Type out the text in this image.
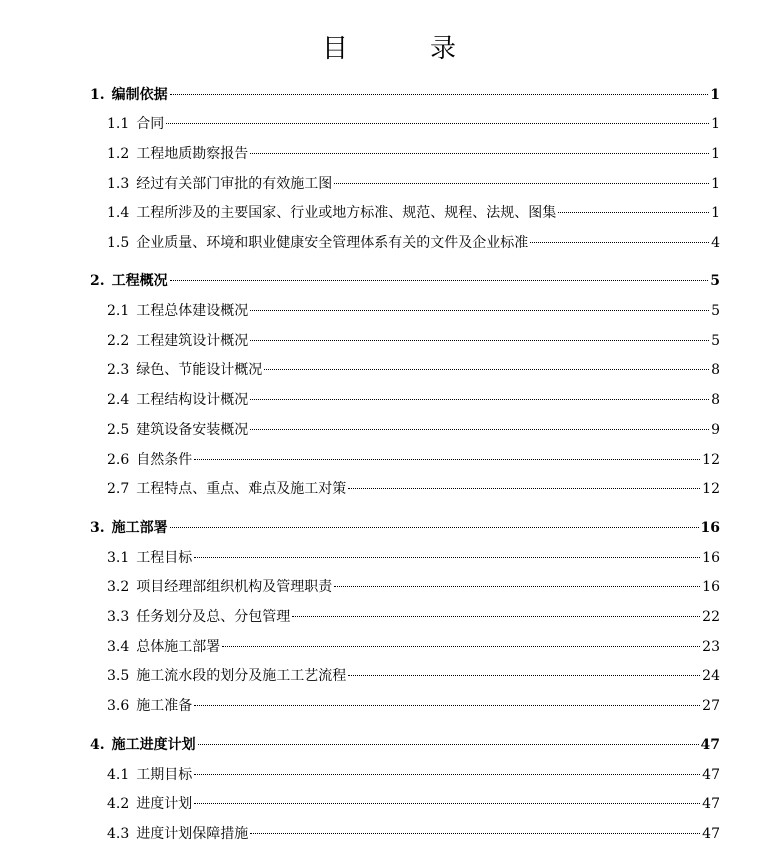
目　录
1. 编制依据	1
1.1 合同	1
1.2 工程地质勘察报告	1
1.3 经过有关部门审批的有效施工图	1
1.4 工程所涉及的主要国家、行业或地方标准、规范、规程、法规、图集	1
1.5 企业质量、环境和职业健康安全管理体系有关的文件及企业标准	4
2. 工程概况	5
2.1 工程总体建设概况	5
2.2 工程建筑设计概况	5
2.3 绿色、节能设计概况	8
2.4 工程结构设计概况	8
2.5 建筑设备安装概况	9
2.6 自然条件	12
2.7 工程特点、重点、难点及施工对策	12
3. 施工部署	16
3.1 工程目标	16
3.2 项目经理部组织机构及管理职责	16
3.3 任务划分及总、分包管理	22
3.4 总体施工部署	23
3.5 施工流水段的划分及施工工艺流程	24
3.6 施工准备	27
4. 施工进度计划	47
4.1 工期目标	47
4.2 进度计划	47
4.3 进度计划保障措施	47
